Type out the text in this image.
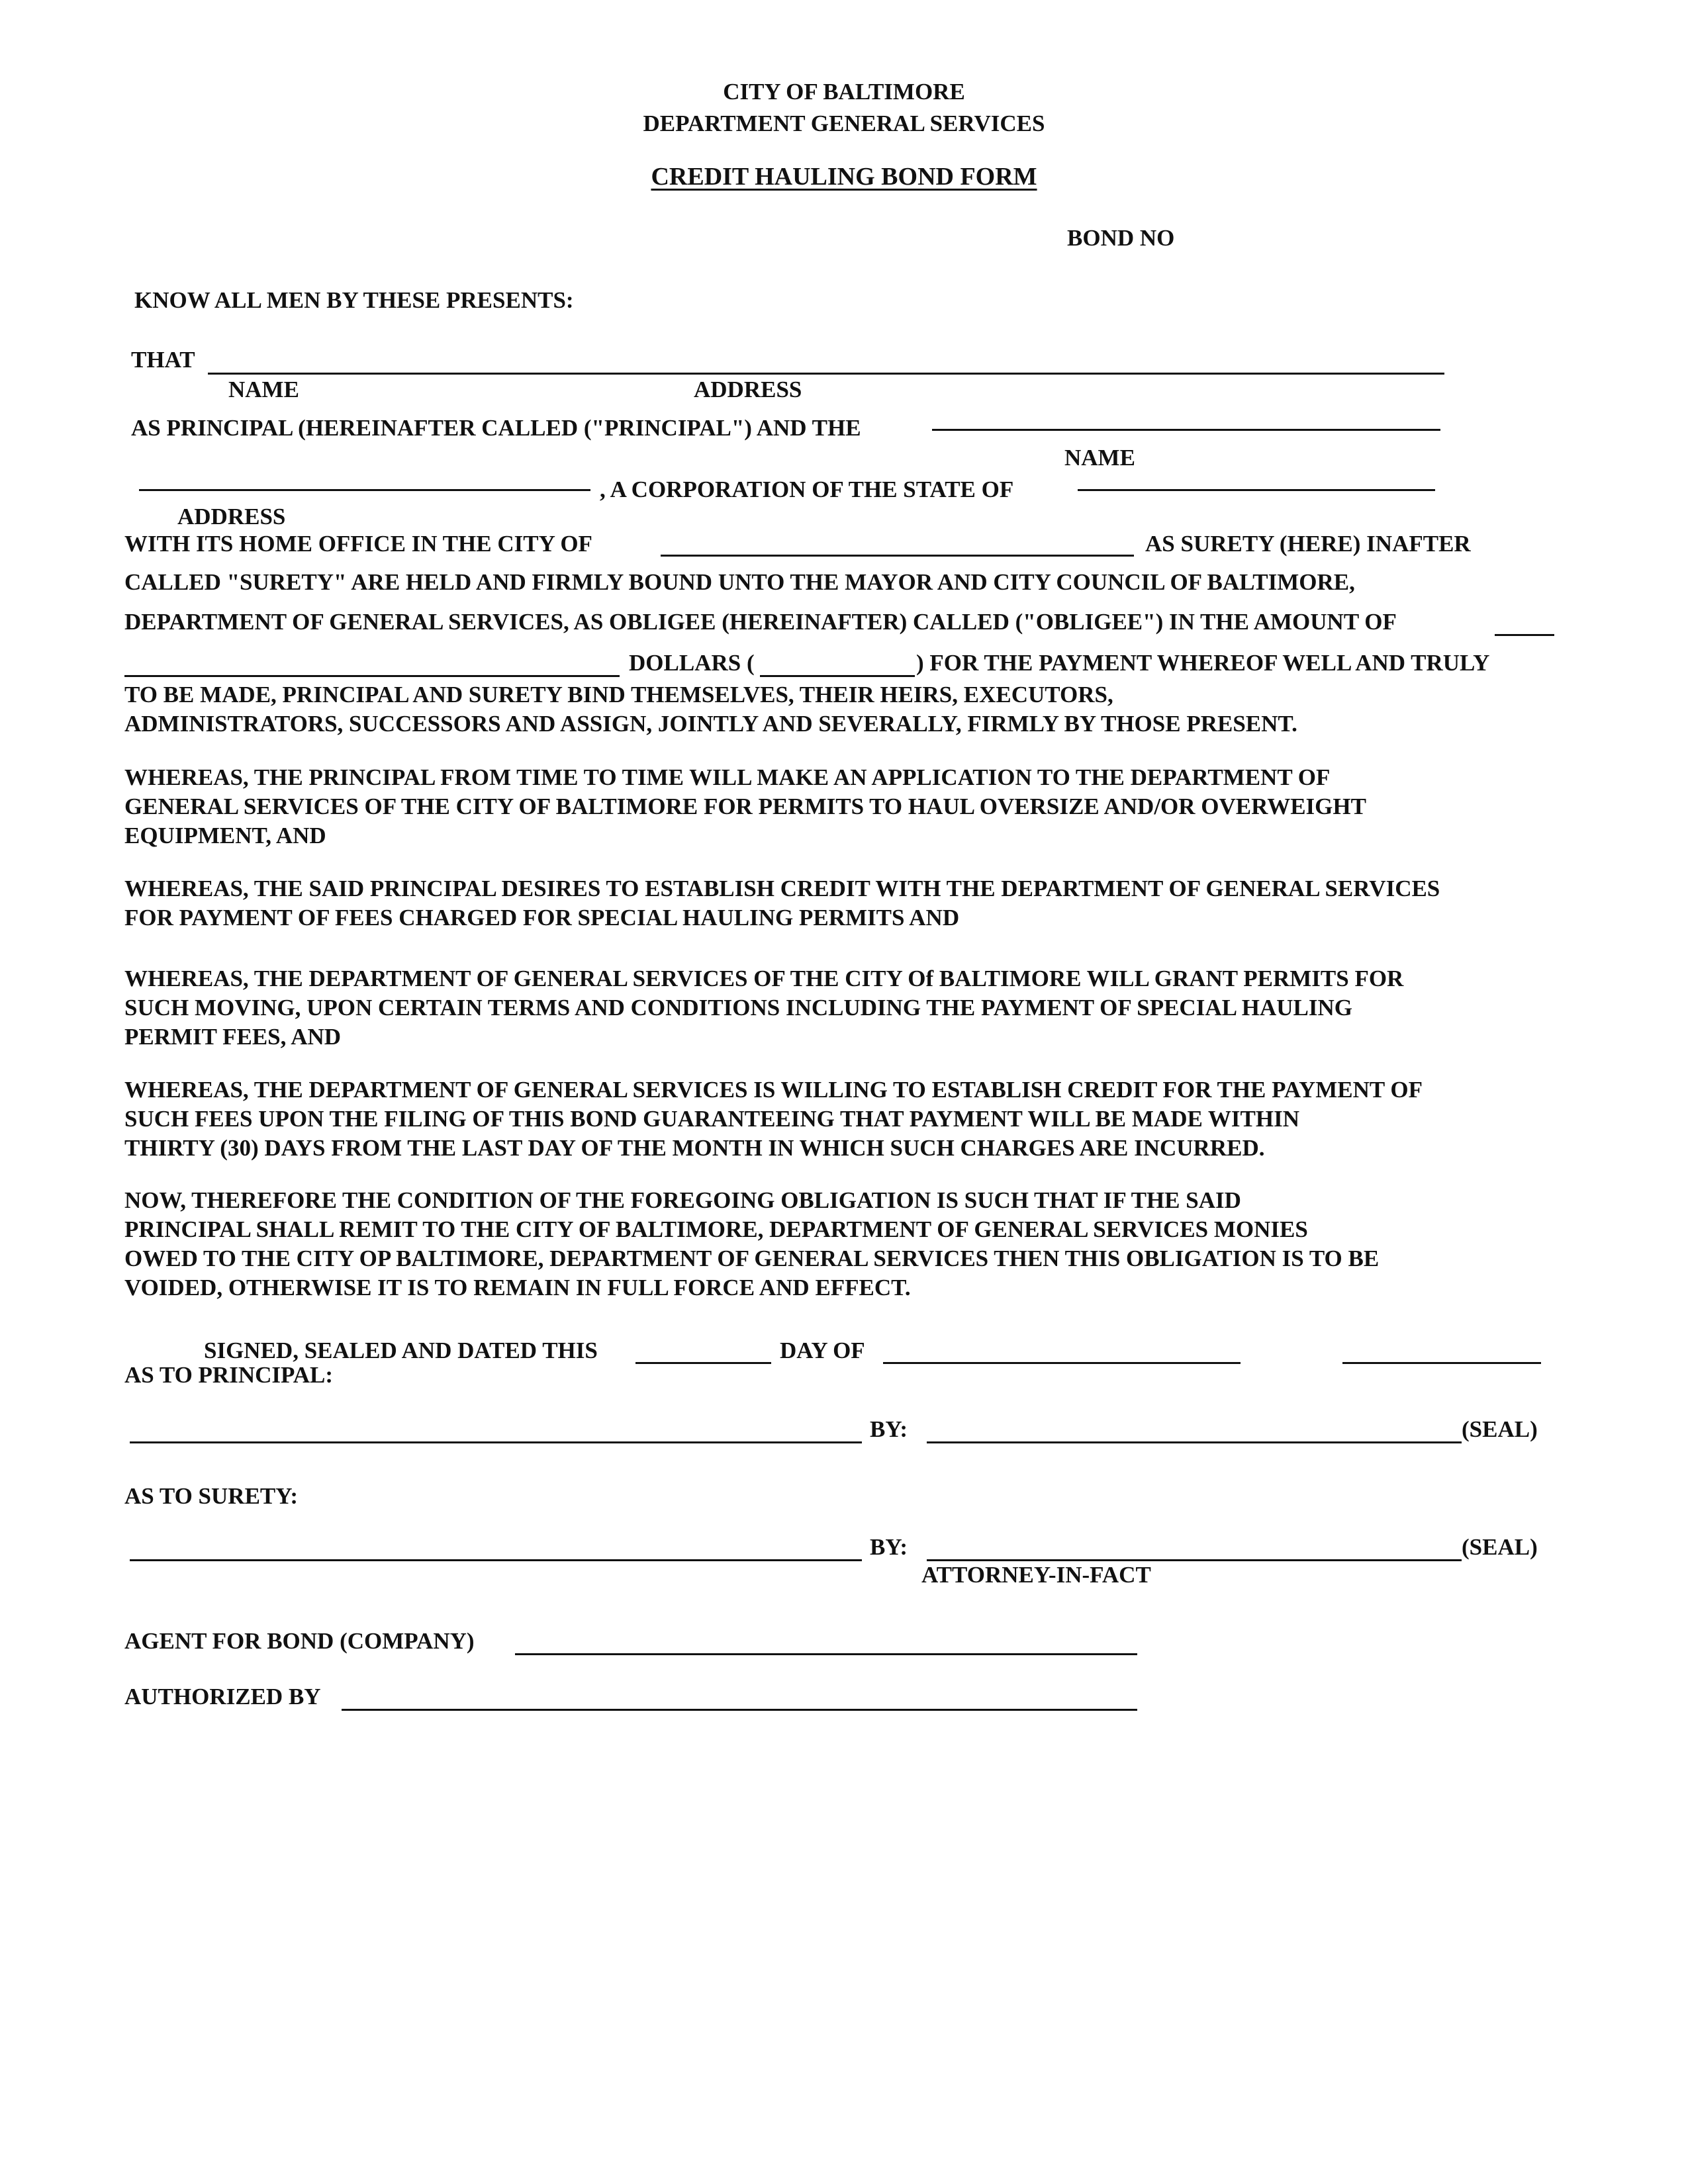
CITY OF BALTIMORE
DEPARTMENT GENERAL SERVICES
CREDIT HAULING BOND FORM
BOND NO
KNOW ALL MEN BY THESE PRESENTS:
THAT
NAME	ADDRESS
AS PRINCIPAL (HEREINAFTER CALLED ("PRINCIPAL") AND THE
NAME
, A CORPORATION OF THE STATE OF
ADDRESS
WITH ITS HOME OFFICE IN THE CITY OF	AS SURETY (HERE) INAFTER
CALLED "SURETY" ARE HELD AND FIRMLY BOUND UNTO THE MAYOR AND CITY COUNCIL OF BALTIMORE,
DEPARTMENT OF GENERAL SERVICES, AS OBLIGEE (HEREINAFTER) CALLED ("OBLIGEE") IN THE AMOUNT OF
DOLLARS (	) FOR THE PAYMENT WHEREOF WELL AND TRULY
TO BE MADE, PRINCIPAL AND SURETY BIND THEMSELVES, THEIR HEIRS, EXECUTORS,
ADMINISTRATORS, SUCCESSORS AND ASSIGN, JOINTLY AND SEVERALLY, FIRMLY BY THOSE PRESENT.
WHEREAS, THE PRINCIPAL FROM TIME TO TIME WILL MAKE AN APPLICATION TO THE DEPARTMENT OF
GENERAL SERVICES OF THE CITY OF BALTIMORE FOR PERMITS TO HAUL OVERSIZE AND/OR OVERWEIGHT
EQUIPMENT, AND
WHEREAS, THE SAID PRINCIPAL DESIRES TO ESTABLISH CREDIT WITH THE DEPARTMENT OF GENERAL SERVICES
FOR PAYMENT OF FEES CHARGED FOR SPECIAL HAULING PERMITS AND
WHEREAS, THE DEPARTMENT OF GENERAL SERVICES OF THE CITY Of BALTIMORE WILL GRANT PERMITS FOR
SUCH MOVING, UPON CERTAIN TERMS AND CONDITIONS INCLUDING THE PAYMENT OF SPECIAL HAULING
PERMIT FEES, AND
WHEREAS, THE DEPARTMENT OF GENERAL SERVICES IS WILLING TO ESTABLISH CREDIT FOR THE PAYMENT OF
SUCH FEES UPON THE FILING OF THIS BOND GUARANTEEING THAT PAYMENT WILL BE MADE WITHIN
THIRTY (30) DAYS FROM THE LAST DAY OF THE MONTH IN WHICH SUCH CHARGES ARE INCURRED.
NOW, THEREFORE THE CONDITION OF THE FOREGOING OBLIGATION IS SUCH THAT IF THE SAID
PRINCIPAL SHALL REMIT TO THE CITY OF BALTIMORE, DEPARTMENT OF GENERAL SERVICES MONIES
OWED TO THE CITY OP BALTIMORE, DEPARTMENT OF GENERAL SERVICES THEN THIS OBLIGATION IS TO BE
VOIDED, OTHERWISE IT IS TO REMAIN IN FULL FORCE AND EFFECT.
SIGNED, SEALED AND DATED THIS	DAY OF
AS TO PRINCIPAL:
BY:	(SEAL)
AS TO SURETY:
BY:	(SEAL)
ATTORNEY-IN-FACT
AGENT FOR BOND (COMPANY)
AUTHORIZED BY
